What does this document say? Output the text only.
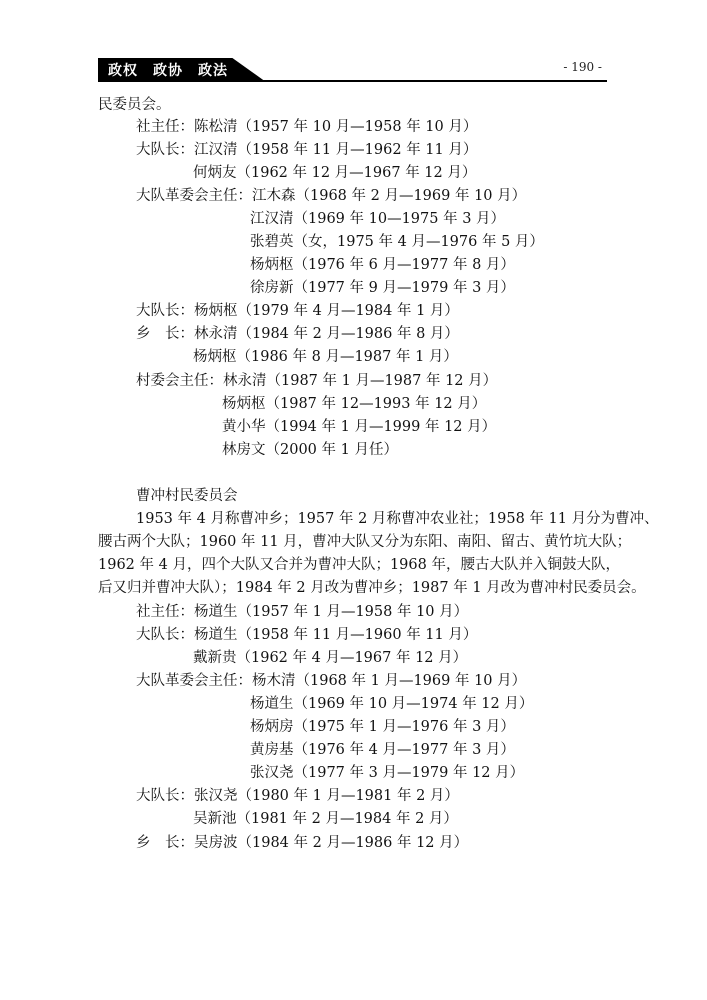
政权　政协　政法	- 190 -
民委员会。
社主任：陈松清（1957 年 10 月—1958 年 10 月）
大队长：江汉清（1958 年 11 月—1962 年 11 月）
何炳友（1962 年 12 月—1967 年 12 月）
大队革委会主任：江木森（1968 年 2 月—1969 年 10 月）
江汉清（1969 年 10—1975 年 3 月）
张碧英（女，1975 年 4 月—1976 年 5 月）
杨炳枢（1976 年 6 月—1977 年 8 月）
徐房新（1977 年 9 月—1979 年 3 月）
大队长：杨炳枢（1979 年 4 月—1984 年 1 月）
乡　长：林永清（1984 年 2 月—1986 年 8 月）
杨炳枢（1986 年 8 月—1987 年 1 月）
村委会主任：林永清（1987 年 1 月—1987 年 12 月）
杨炳枢（1987 年 12—1993 年 12 月）
黄小华（1994 年 1 月—1999 年 12 月）
林房文（2000 年 1 月任）
曹冲村民委员会
1953 年 4 月称曹冲乡；1957 年 2 月称曹冲农业社；1958 年 11 月分为曹冲、
腰古两个大队；1960 年 11 月，曹冲大队又分为东阳、南阳、留古、黄竹坑大队；
1962 年 4 月，四个大队又合并为曹冲大队；1968 年，腰古大队并入铜鼓大队，
后又归并曹冲大队）；1984 年 2 月改为曹冲乡；1987 年 1 月改为曹冲村民委员会。
社主任：杨道生（1957 年 1 月—1958 年 10 月）
大队长：杨道生（1958 年 11 月—1960 年 11 月）
戴新贵（1962 年 4 月—1967 年 12 月）
大队革委会主任：杨木清（1968 年 1 月—1969 年 10 月）
杨道生（1969 年 10 月—1974 年 12 月）
杨炳房（1975 年 1 月—1976 年 3 月）
黄房基（1976 年 4 月—1977 年 3 月）
张汉尧（1977 年 3 月—1979 年 12 月）
大队长：张汉尧（1980 年 1 月—1981 年 2 月）
吴新池（1981 年 2 月—1984 年 2 月）
乡　长：吴房波（1984 年 2 月—1986 年 12 月）
